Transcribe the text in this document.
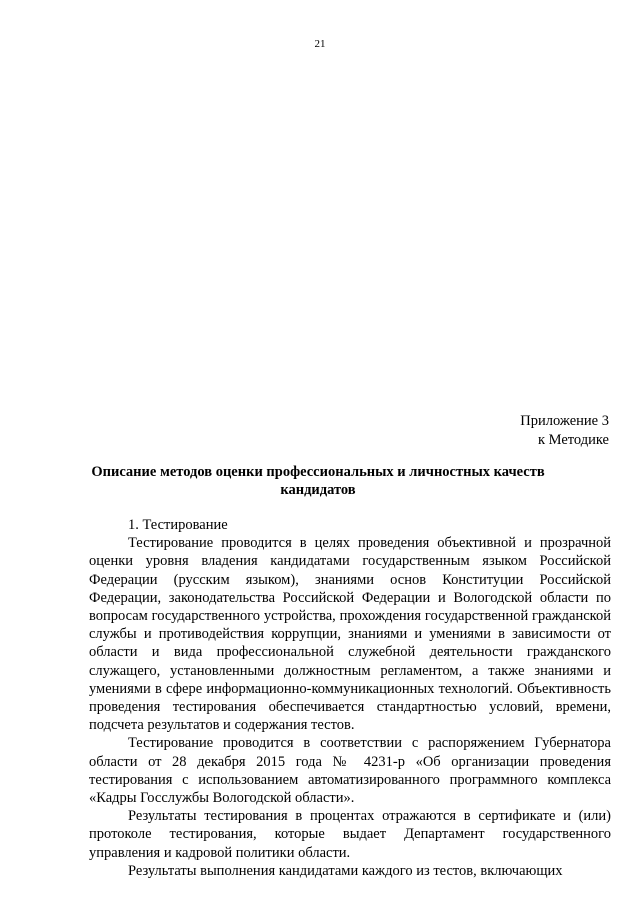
21
Приложение 3
к Методике
Описание методов оценки профессиональных и личностных качеств кандидатов

1. Тестирование

Тестирование проводится в целях проведения объективной и прозрачной оценки уровня владения кандидатами государственным языком Российской Федерации (русским языком), знаниями основ Конституции Российской Федерации, законодательства Российской Федерации и Вологодской области по вопросам государственного устройства, прохождения государственной гражданской службы и противодействия коррупции, знаниями и умениями в зависимости от области и вида профессиональной служебной деятельности гражданского служащего, установленными должностным регламентом, а также знаниями и умениями в сфере информационно-коммуникационных технологий. Объективность проведения тестирования обеспечивается стандартностью условий, времени, подсчета результатов и содержания тестов.

Тестирование проводится в соответствии с распоряжением Губернатора области от 28 декабря 2015 года № 4231-р «Об организации проведения тестирования с использованием автоматизированного программного комплекса «Кадры Госслужбы Вологодской области».

Результаты тестирования в процентах отражаются в сертификате и (или) протоколе тестирования, которые выдает Департамент государственного управления и кадровой политики области.

Результаты выполнения кандидатами каждого из тестов, включающих
